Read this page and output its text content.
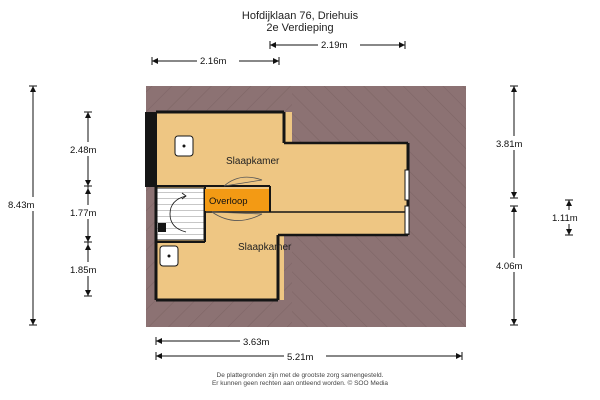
Hofdijklaan 76, Driehuis
2e Verdieping
Slaapkamer
Overloop
Slaapkamer
2.16m
2.19m
8.43m
2.48m
1.77m
1.85m
3.81m
4.06m
1.11m
3.63m
5.21m
De plattegronden zijn met de grootste zorg samengesteld.
Er kunnen geen rechten aan ontleend worden. © SOO Media
